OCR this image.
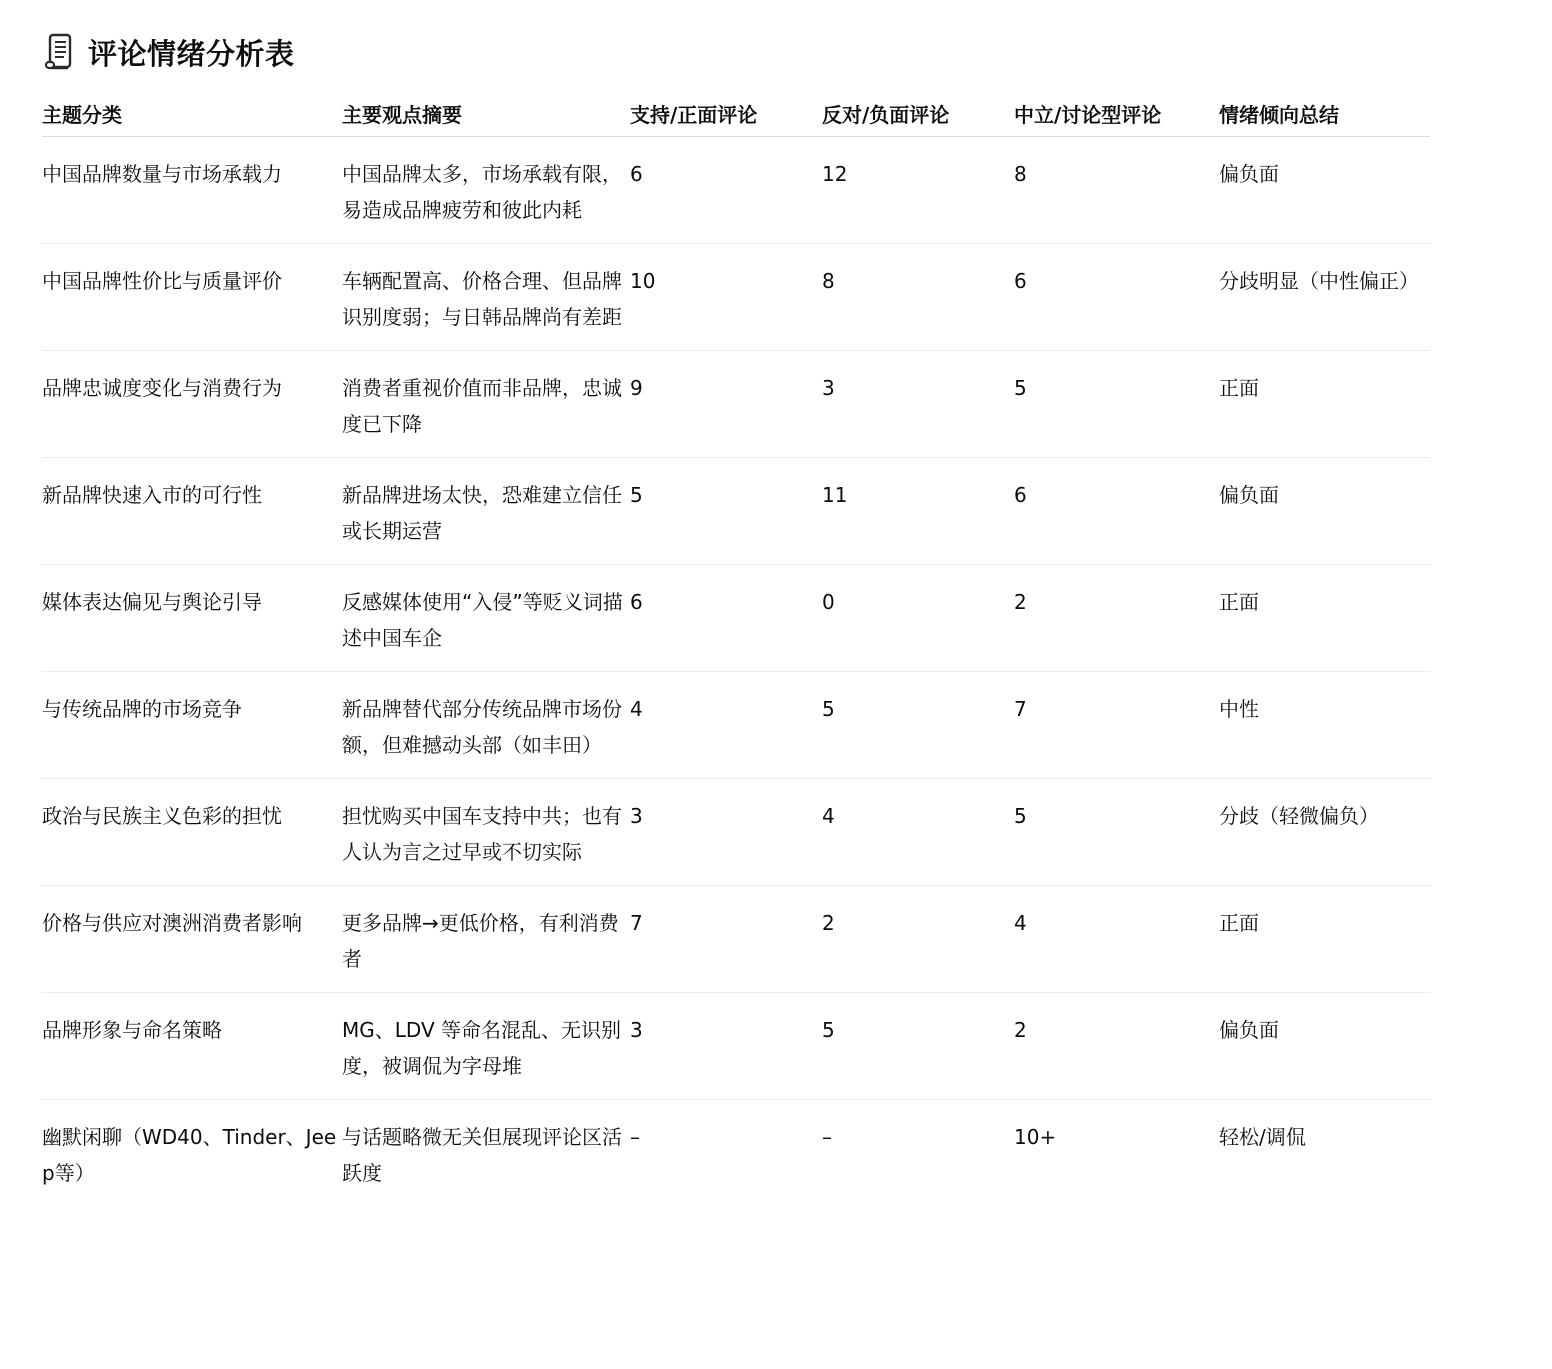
评论情绪分析表
主题分类	主要观点摘要	支持/正面评论	反对/负面评论	中立/讨论型评论	情绪倾向总结
中国品牌数量与市场承载力	中国品牌太多，市场承载有限，易造成品牌疲劳和彼此内耗	6	12	8	偏负面
中国品牌性价比与质量评价	车辆配置高、价格合理、但品牌识别度弱；与日韩品牌尚有差距	10	8	6	分歧明显（中性偏正）
品牌忠诚度变化与消费行为	消费者重视价值而非品牌，忠诚度已下降	9	3	5	正面
新品牌快速入市的可行性	新品牌进场太快，恐难建立信任或长期运营	5	11	6	偏负面
媒体表达偏见与舆论引导	反感媒体使用“入侵”等贬义词描述中国车企	6	0	2	正面
与传统品牌的市场竞争	新品牌替代部分传统品牌市场份额，但难撼动头部（如丰田）	4	5	7	中性
政治与民族主义色彩的担忧	担忧购买中国车支持中共；也有人认为言之过早或不切实际	3	4	5	分歧（轻微偏负）
价格与供应对澳洲消费者影响	更多品牌→更低价格，有利消费者	7	2	4	正面
品牌形象与命名策略	MG、LDV 等命名混乱、无识别度，被调侃为字母堆	3	5	2	偏负面
幽默闲聊（WD40、Tinder、Jeep等）	与话题略微无关但展现评论区活跃度	–	–	10+	轻松/调侃
